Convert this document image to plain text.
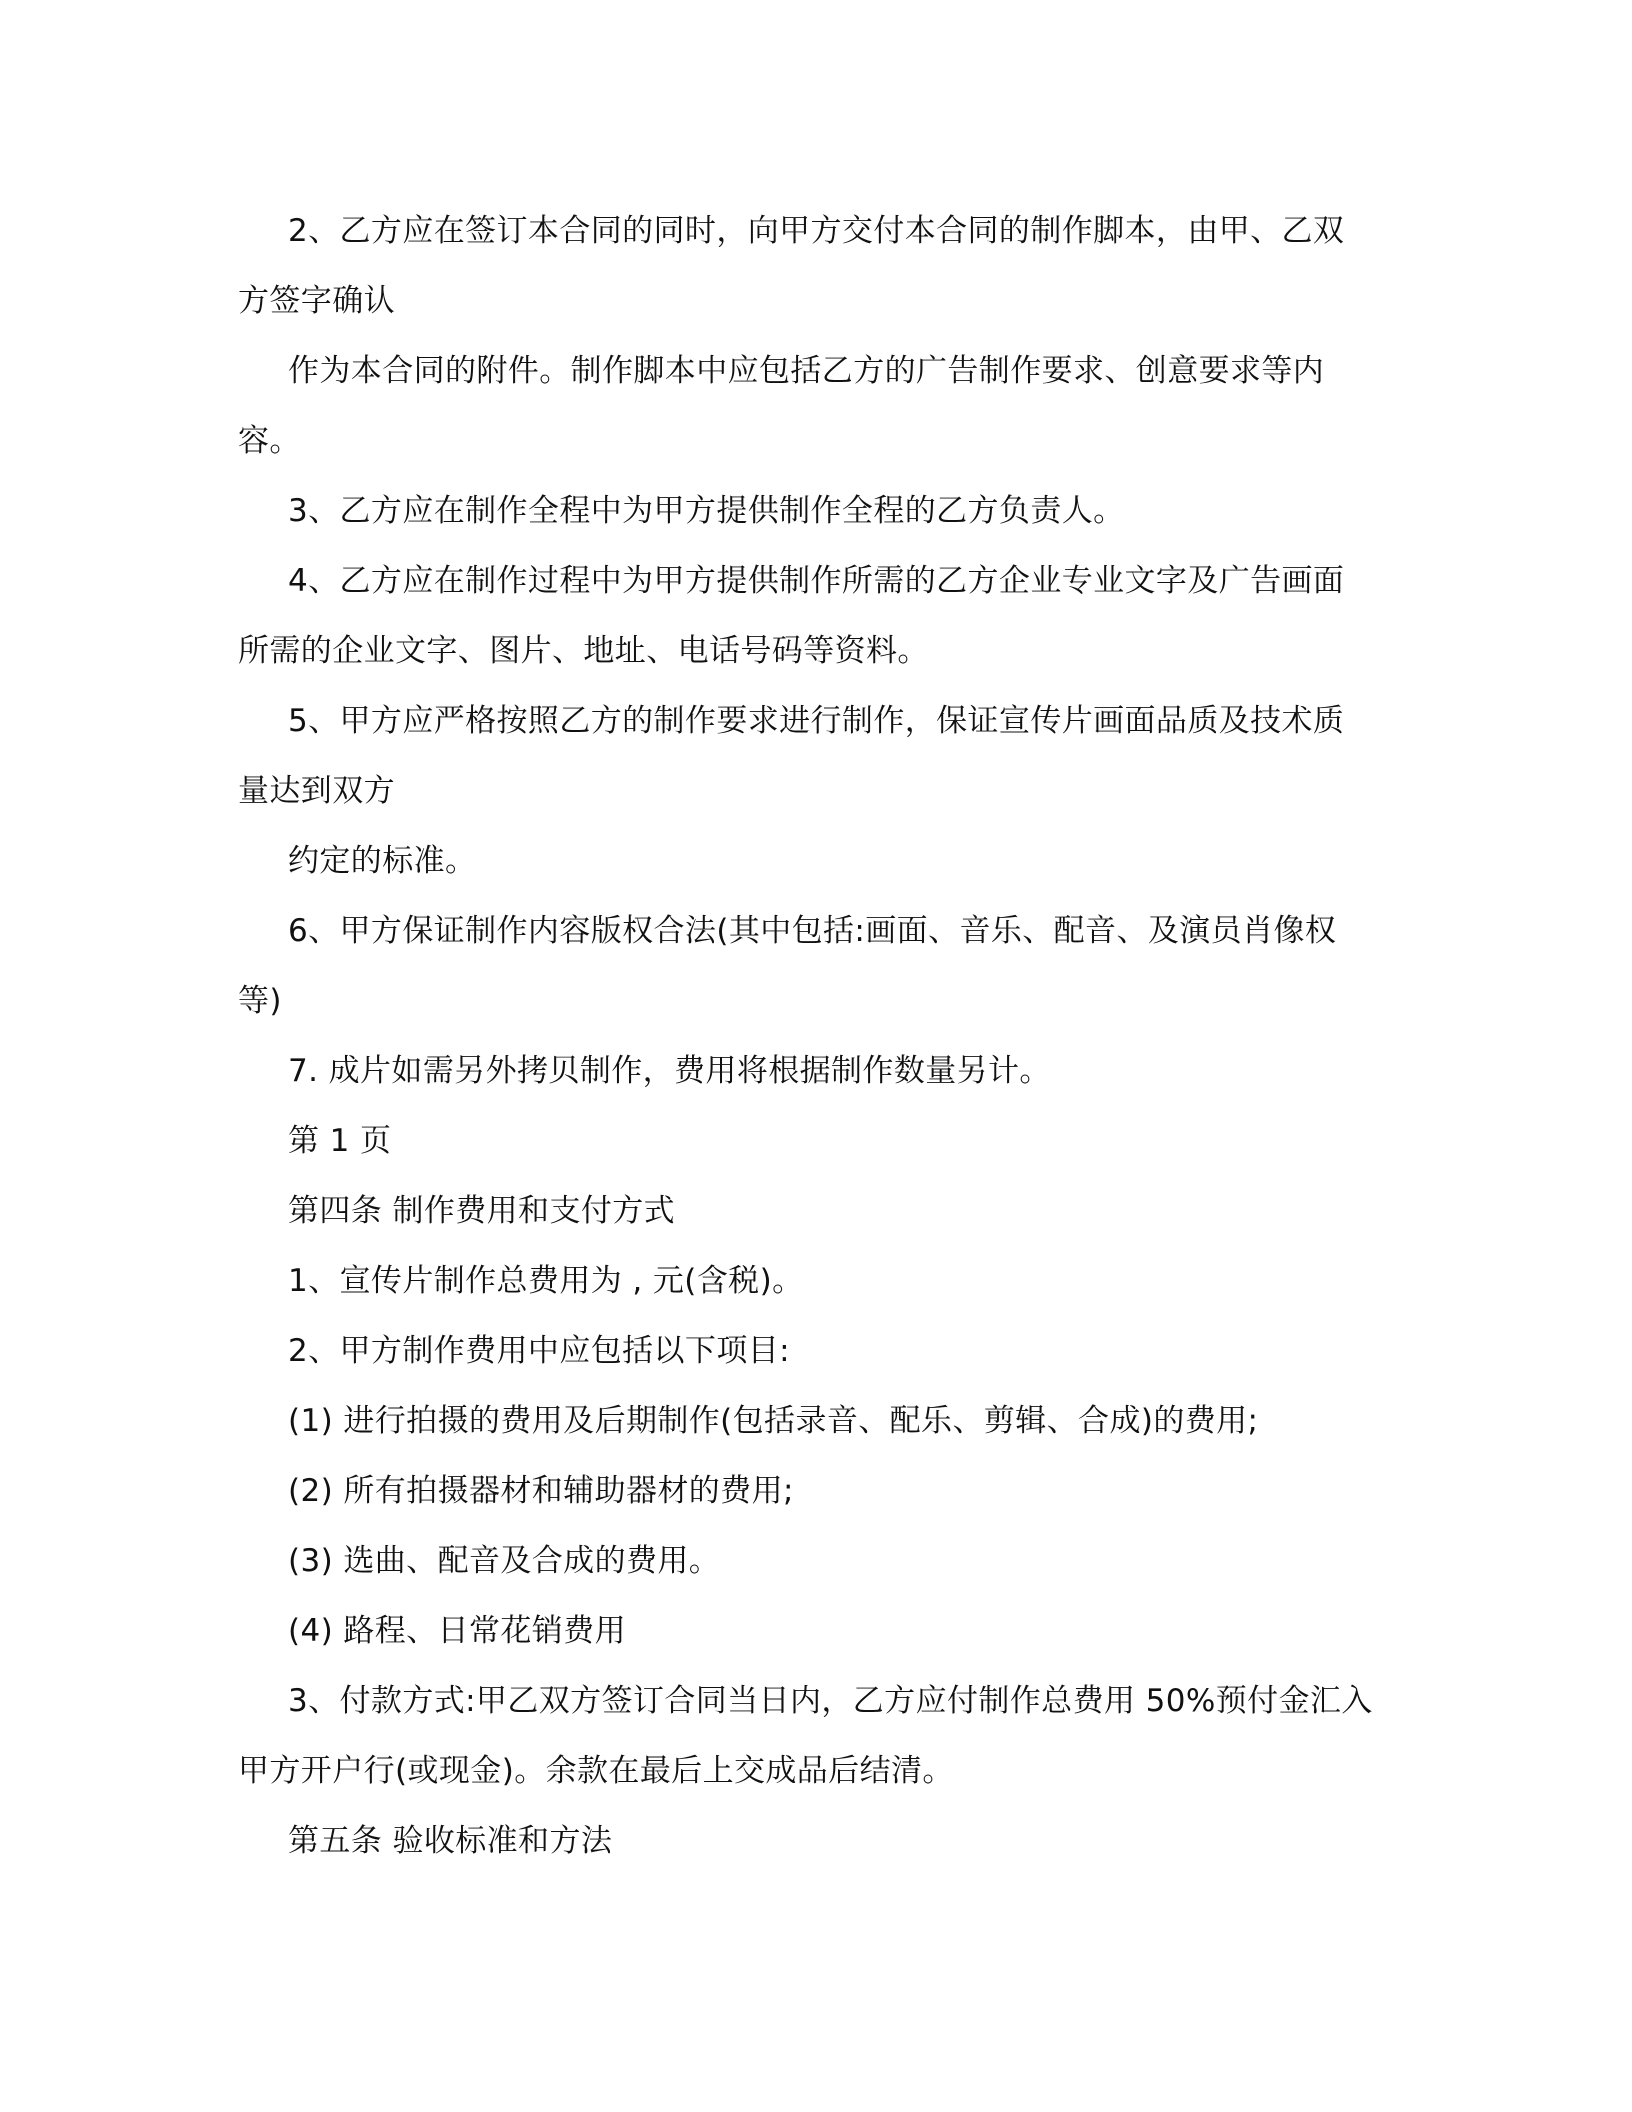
2、乙方应在签订本合同的同时，向甲方交付本合同的制作脚本，由甲、乙双
方签字确认
作为本合同的附件。制作脚本中应包括乙方的广告制作要求、创意要求等内
容。
3、乙方应在制作全程中为甲方提供制作全程的乙方负责人。
4、乙方应在制作过程中为甲方提供制作所需的乙方企业专业文字及广告画面
所需的企业文字、图片、地址、电话号码等资料。
5、甲方应严格按照乙方的制作要求进行制作，保证宣传片画面品质及技术质
量达到双方
约定的标准。
6、甲方保证制作内容版权合法(其中包括:画面、音乐、配音、及演员肖像权
等)
7. 成片如需另外拷贝制作，费用将根据制作数量另计。
第 1 页
第四条 制作费用和支付方式
1、宣传片制作总费用为 , 元(含税)。
2、甲方制作费用中应包括以下项目:
(1) 进行拍摄的费用及后期制作(包括录音、配乐、剪辑、合成)的费用;
(2) 所有拍摄器材和辅助器材的费用;
(3) 选曲、配音及合成的费用。
(4) 路程、日常花销费用
3、付款方式:甲乙双方签订合同当日内，乙方应付制作总费用 50%预付金汇入
甲方开户行(或现金)。余款在最后上交成品后结清。
第五条 验收标准和方法
